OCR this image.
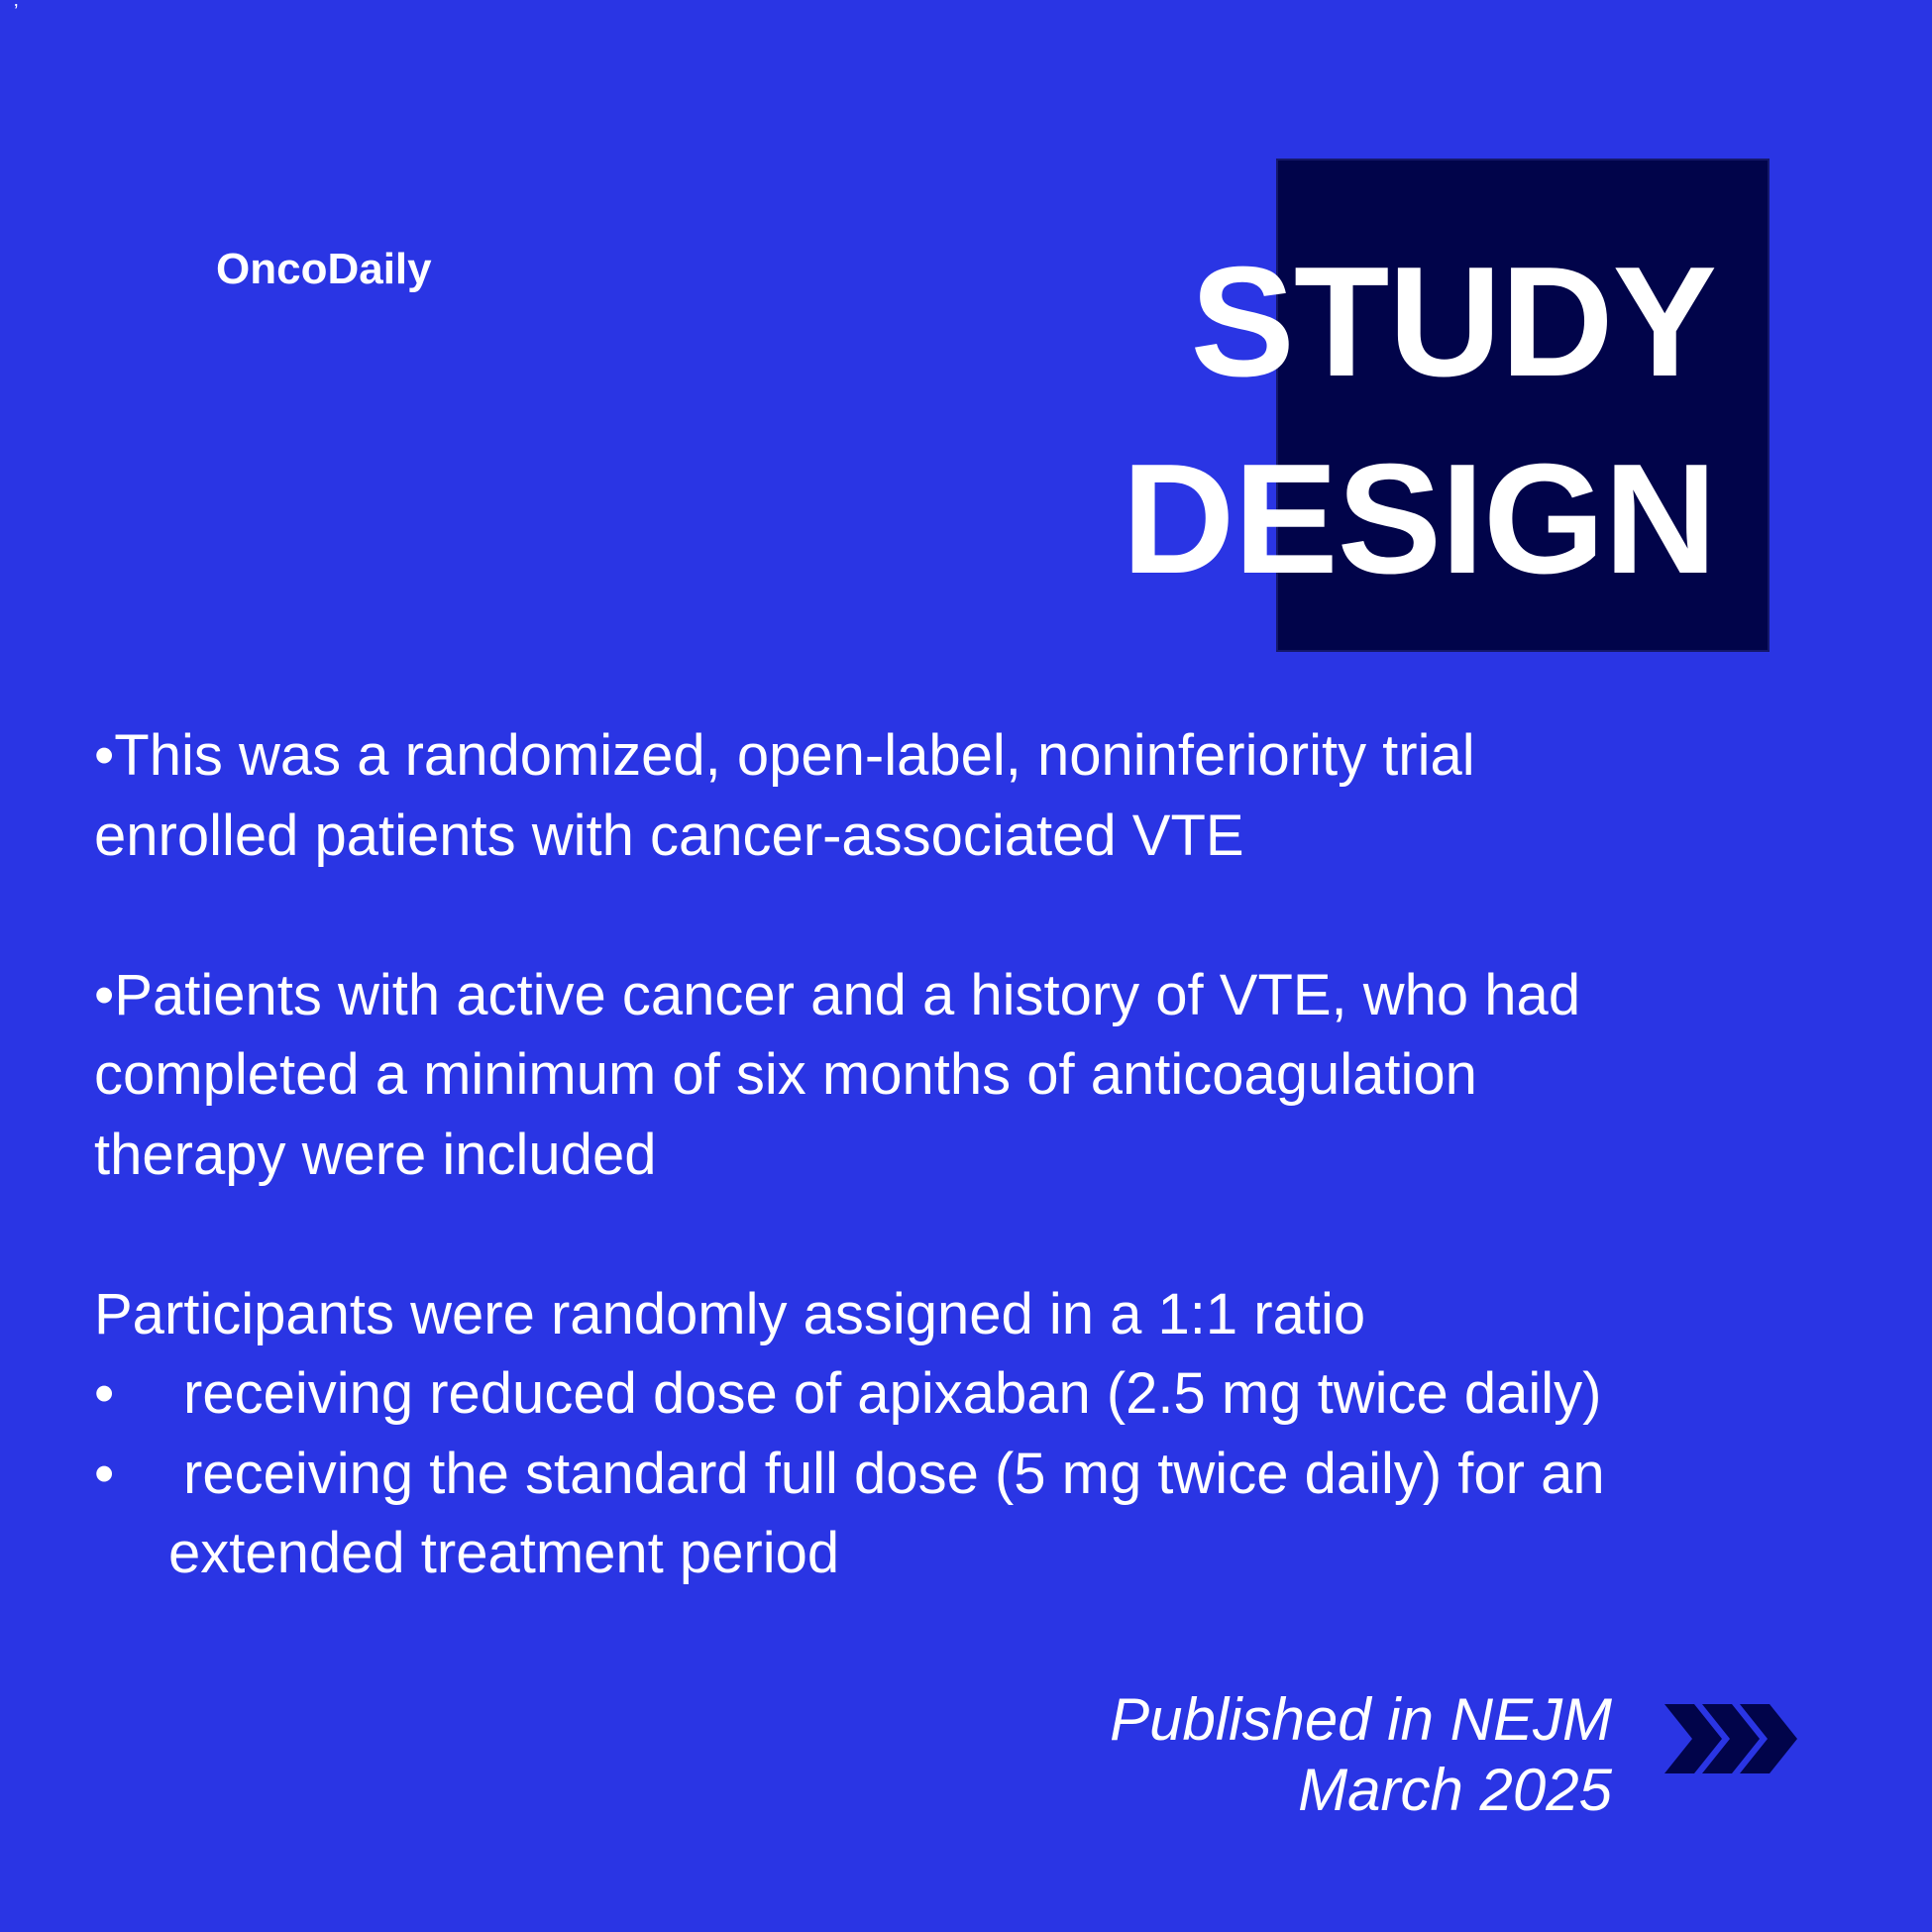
’
OncoDaily	STUDY
DESIGN
•This was a randomized, open-label, noninferiority trial
enrolled patients with cancer-associated VTE
•Patients with active cancer and a history of VTE, who had
completed a minimum of six months of anticoagulation
therapy were included
Participants were randomly assigned in a 1:1 ratio
• receiving reduced dose of apixaban (2.5 mg twice daily)
• receiving the standard full dose (5 mg twice daily) for an
extended treatment period
Published in NEJM
March 2025
